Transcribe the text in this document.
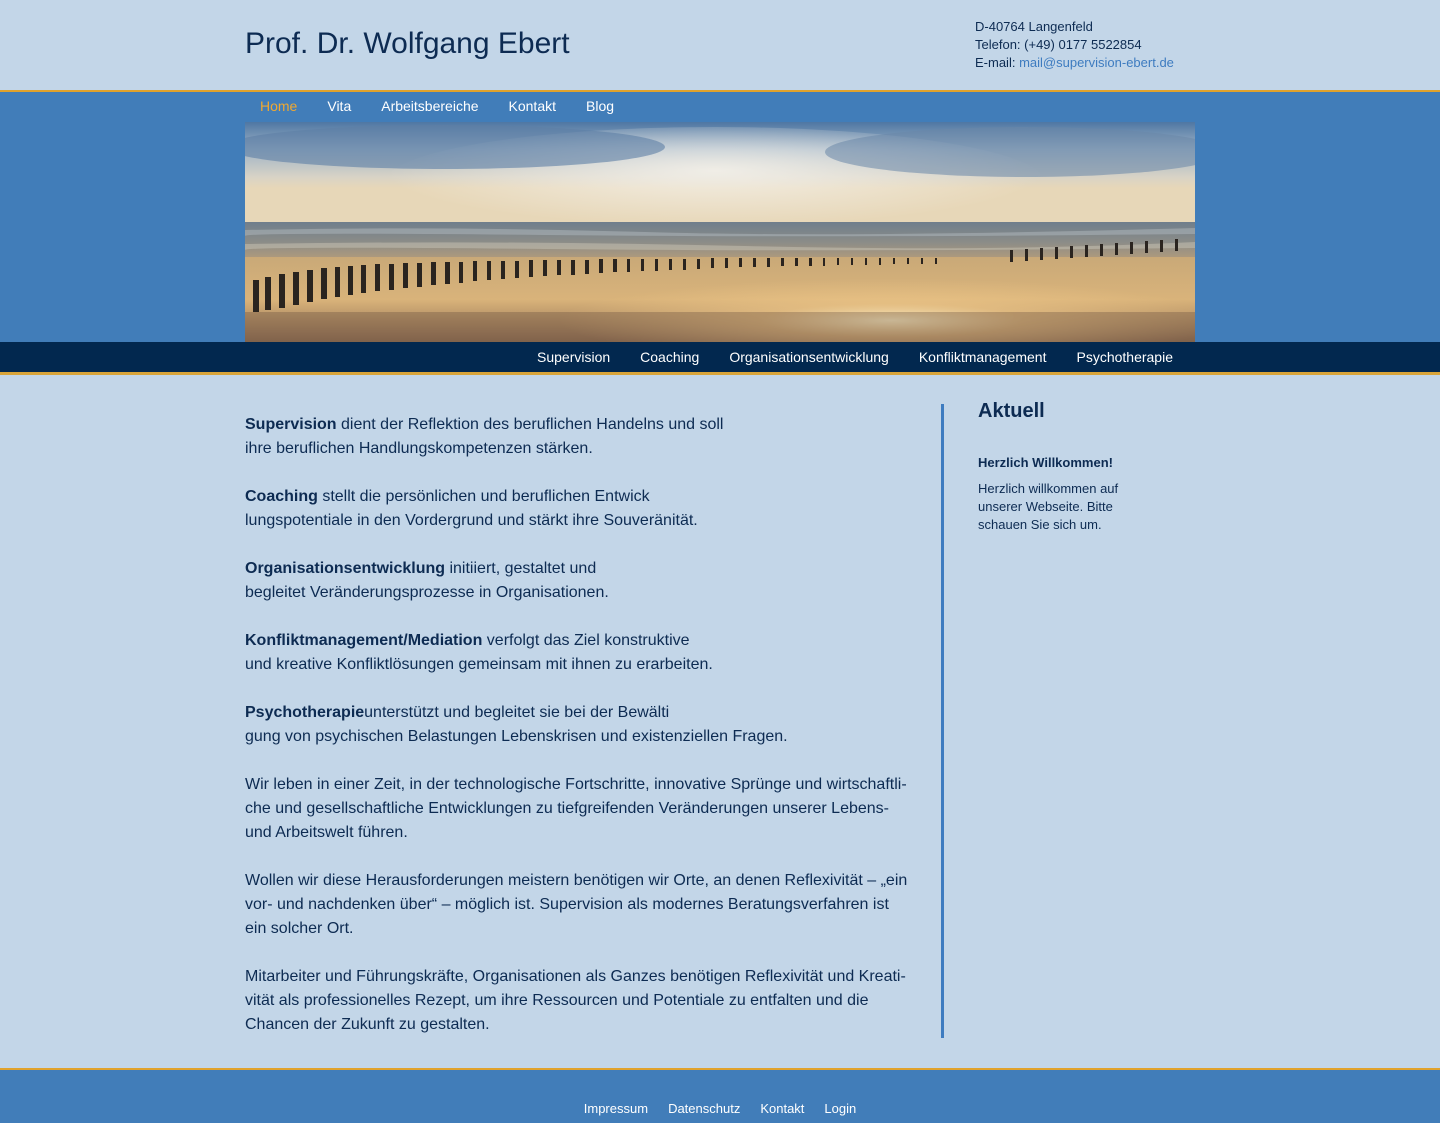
Prof. Dr. Wolfgang Ebert
D-40764 Langenfeld
Telefon: (+49) 0177 5522854
E-mail: mail@supervision-ebert.de
Home Vita Arbeitsbereiche Kontakt Blog
Supervision Coaching Organisationsentwicklung Konfliktmanagement Psychotherapie

Supervision dient der Reflektion des beruflichen Handelns und soll
ihre beruflichen Handlungskompetenzen stärken.

Coaching stellt die persönlichen und beruflichen Entwick
lungspotentiale in den Vordergrund und stärkt ihre Souveränität.

Organisationsentwicklung initiiert, gestaltet und
begleitet Veränderungsprozesse in Organisationen.

Konfliktmanagement/Mediation verfolgt das Ziel konstruktive
und kreative Konfliktlösungen gemeinsam mit ihnen zu erarbeiten.

Psychotherapieunterstützt und begleitet sie bei der Bewälti
gung von psychischen Belastungen Lebenskrisen und existenziellen Fragen.

Wir leben in einer Zeit, in der technologische Fortschritte, innovative Sprünge und wirtschaftli-
che und gesellschaftliche Entwicklungen zu tiefgreifenden Veränderungen unserer Lebens-
und Arbeitswelt führen.

Wollen wir diese Herausforderungen meistern benötigen wir Orte, an denen Reflexivität – „ein
vor- und nachdenken über“ – möglich ist. Supervision als modernes Beratungsverfahren ist
ein solcher Ort.

Mitarbeiter und Führungskräfte, Organisationen als Ganzes benötigen Reflexivität und Kreati-
vität als professionelles Rezept, um ihre Ressourcen und Potentiale zu entfalten und die
Chancen der Zukunft zu gestalten.

Aktuell
Herzlich Willkommen!

Herzlich willkommen auf
unserer Webseite. Bitte
schauen Sie sich um.

Impressum Datenschutz Kontakt Login
